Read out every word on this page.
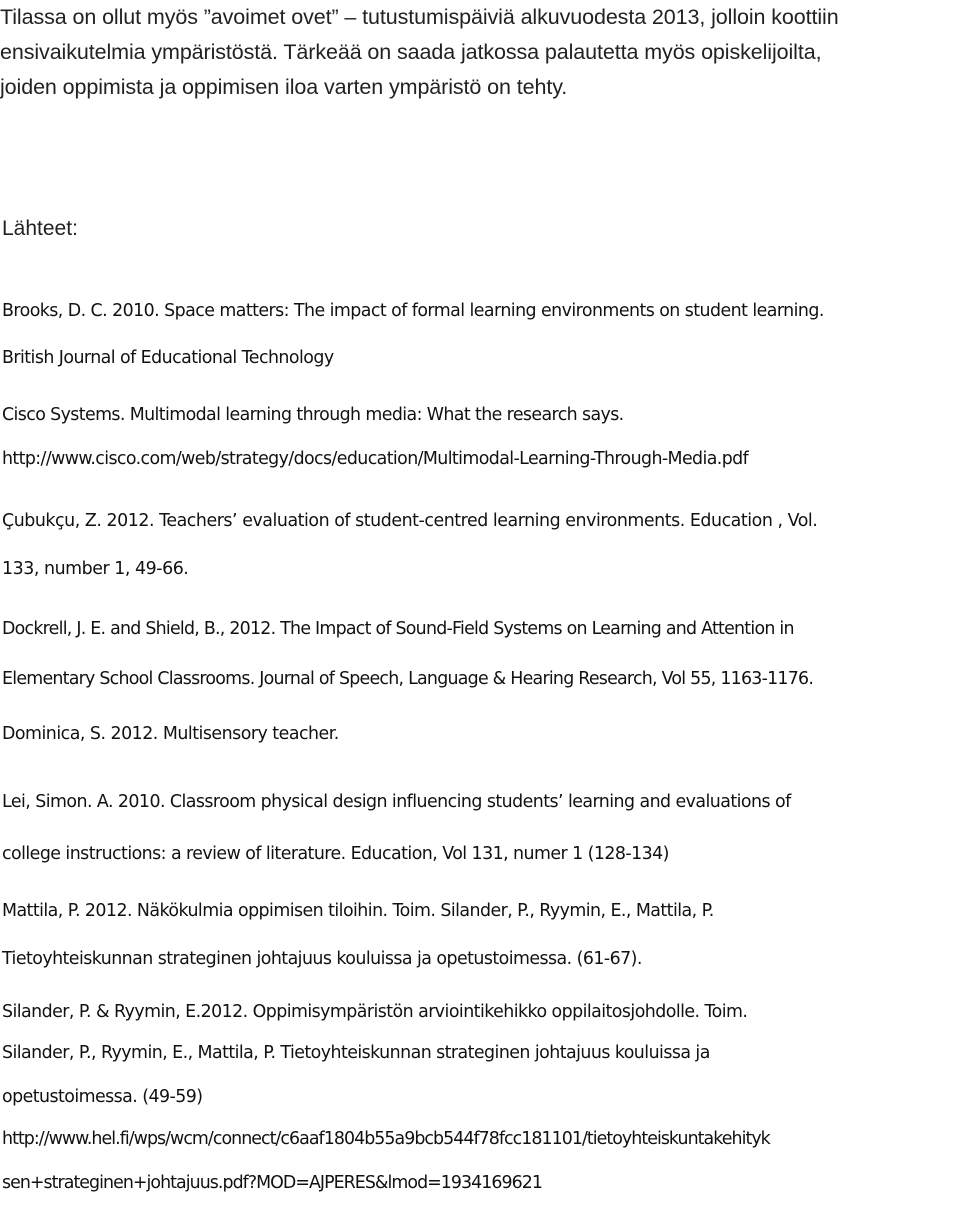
Tilassa on ollut myös ”avoimet ovet” – tutustumispäiviä alkuvuodesta 2013, jolloin koottiin
ensivaikutelmia ympäristöstä. Tärkeää on saada jatkossa palautetta myös opiskelijoilta,
joiden oppimista ja oppimisen iloa varten ympäristö on tehty.
Lähteet:
Brooks, D. C. 2010. Space matters: The impact of formal learning environments on student learning.
British Journal of Educational Technology
Cisco Systems. Multimodal learning through media: What the research says.
http://www.cisco.com/web/strategy/docs/education/Multimodal-Learning-Through-Media.pdf
Çubukçu, Z. 2012. Teachers’ evaluation of student-centred learning environments. Education , Vol.
133, number 1, 49-66.
Dockrell, J. E. and Shield, B., 2012. The Impact of Sound-Field Systems on Learning and Attention in
Elementary School Classrooms. Journal of Speech, Language & Hearing Research, Vol 55, 1163-1176.
Dominica, S. 2012. Multisensory teacher.
Lei, Simon. A. 2010. Classroom physical design influencing students’ learning and evaluations of
college instructions: a review of literature. Education, Vol 131, numer 1 (128-134)
Mattila, P. 2012. Näkökulmia oppimisen tiloihin. Toim. Silander, P., Ryymin, E., Mattila, P.
Tietoyhteiskunnan strateginen johtajuus kouluissa ja opetustoimessa. (61-67).
Silander, P. & Ryymin, E.2012. Oppimisympäristön arviointikehikko oppilaitosjohdolle. Toim.
Silander, P., Ryymin, E., Mattila, P. Tietoyhteiskunnan strateginen johtajuus kouluissa ja
opetustoimessa. (49-59)
http://www.hel.fi/wps/wcm/connect/c6aaf1804b55a9bcb544f78fcc181101/tietoyhteiskuntakehityk
sen+strateginen+johtajuus.pdf?MOD=AJPERES&lmod=1934169621
